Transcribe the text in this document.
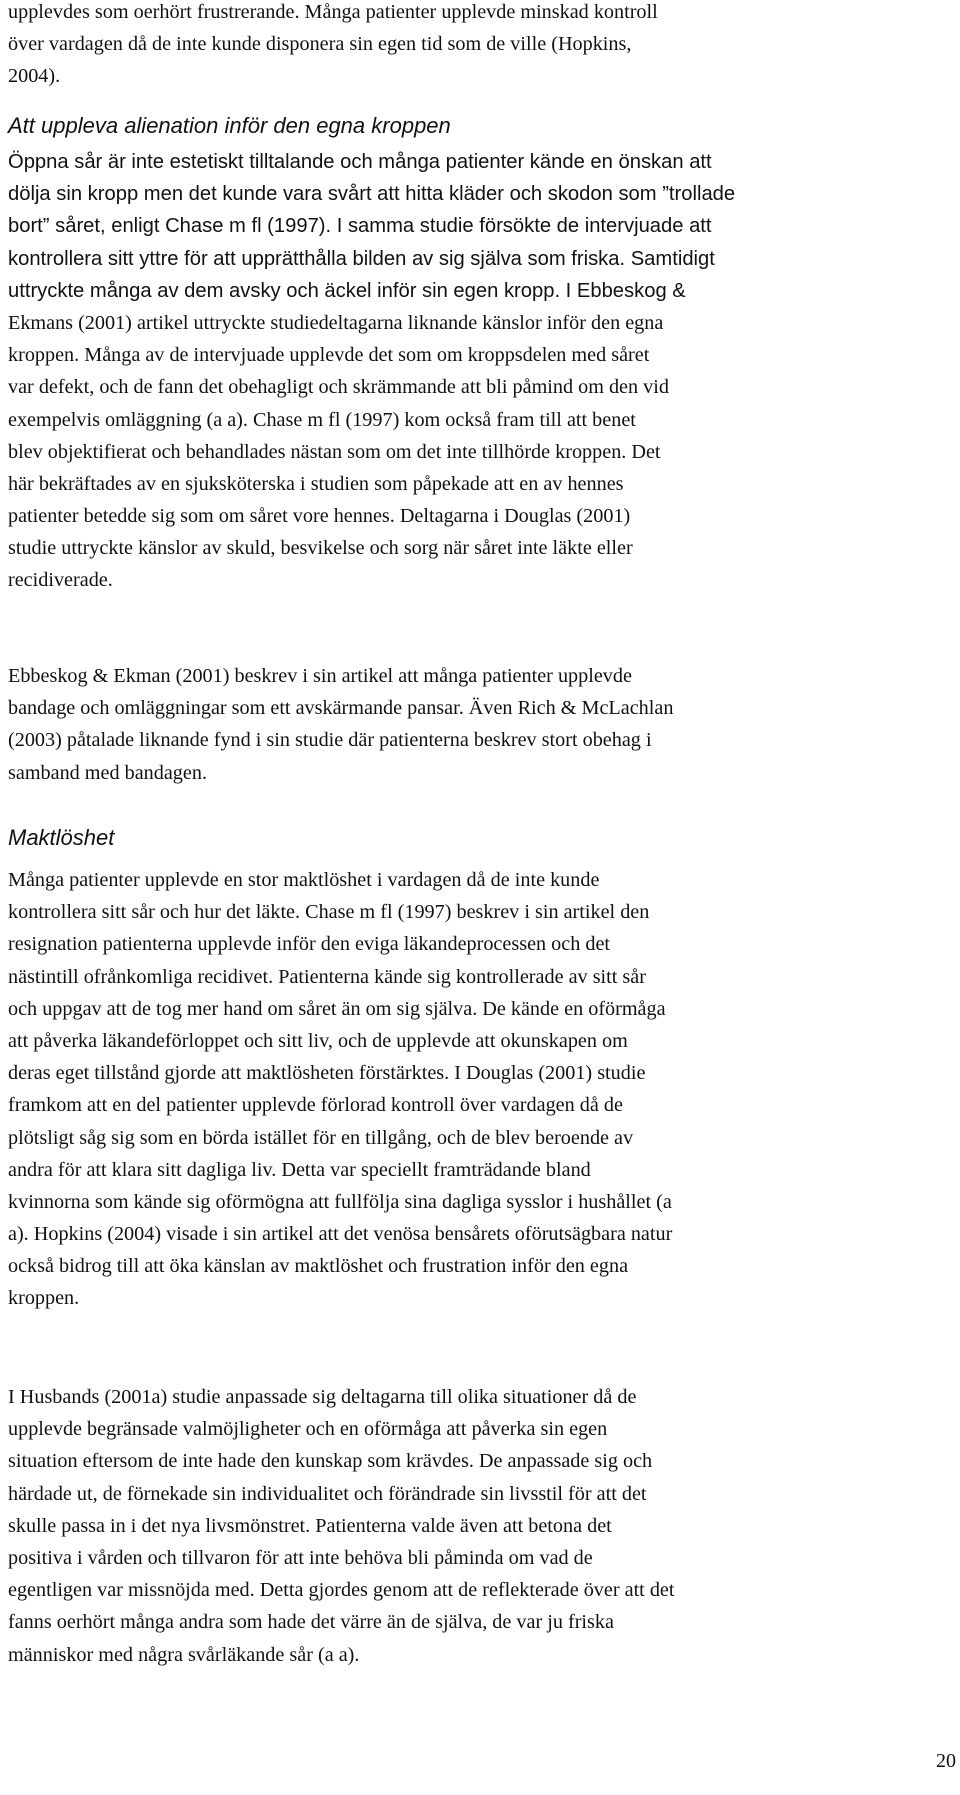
upplevdes som oerhört frustrerande. Många patienter upplevde minskad kontroll
över vardagen då de inte kunde disponera sin egen tid som de ville (Hopkins,
2004).
Att uppleva alienation inför den egna kroppen
Öppna sår är inte estetiskt tilltalande och många patienter kände en önskan att
dölja sin kropp men det kunde vara svårt att hitta kläder och skodon som ”trollade
bort” såret, enligt Chase m fl (1997). I samma studie försökte de intervjuade att
kontrollera sitt yttre för att upprätthålla bilden av sig själva som friska. Samtidigt
uttryckte många av dem avsky och äckel inför sin egen kropp. I Ebbeskog &
Ekmans (2001) artikel uttryckte studiedeltagarna liknande känslor inför den egna
kroppen. Många av de intervjuade upplevde det som om kroppsdelen med såret
var defekt, och de fann det obehagligt och skrämmande att bli påmind om den vid
exempelvis omläggning (a a). Chase m fl (1997) kom också fram till att benet
blev objektifierat och behandlades nästan som om det inte tillhörde kroppen. Det
här bekräftades av en sjuksköterska i studien som påpekade att en av hennes
patienter betedde sig som om såret vore hennes. Deltagarna i Douglas (2001)
studie uttryckte känslor av skuld, besvikelse och sorg när såret inte läkte eller
recidiverade.
Ebbeskog & Ekman (2001) beskrev i sin artikel att många patienter upplevde
bandage och omläggningar som ett avskärmande pansar. Även Rich & McLachlan
(2003) påtalade liknande fynd i sin studie där patienterna beskrev stort obehag i
samband med bandagen.
Maktlöshet
Många patienter upplevde en stor maktlöshet i vardagen då de inte kunde
kontrollera sitt sår och hur det läkte. Chase m fl (1997) beskrev i sin artikel den
resignation patienterna upplevde inför den eviga läkandeprocessen och det
nästintill ofrånkomliga recidivet. Patienterna kände sig kontrollerade av sitt sår
och uppgav att de tog mer hand om såret än om sig själva. De kände en oförmåga
att påverka läkandeförloppet och sitt liv, och de upplevde att okunskapen om
deras eget tillstånd gjorde att maktlösheten förstärktes. I Douglas (2001) studie
framkom att en del patienter upplevde förlorad kontroll över vardagen då de
plötsligt såg sig som en börda istället för en tillgång, och de blev beroende av
andra för att klara sitt dagliga liv. Detta var speciellt framträdande bland
kvinnorna som kände sig oförmögna att fullfölja sina dagliga sysslor i hushållet (a
a). Hopkins (2004) visade i sin artikel att det venösa bensårets oförutsägbara natur
också bidrog till att öka känslan av maktlöshet och frustration inför den egna
kroppen.
I Husbands (2001a) studie anpassade sig deltagarna till olika situationer då de
upplevde begränsade valmöjligheter och en oförmåga att påverka sin egen
situation eftersom de inte hade den kunskap som krävdes. De anpassade sig och
härdade ut, de förnekade sin individualitet och förändrade sin livsstil för att det
skulle passa in i det nya livsmönstret. Patienterna valde även att betona det
positiva i vården och tillvaron för att inte behöva bli påminda om vad de
egentligen var missnöjda med. Detta gjordes genom att de reflekterade över att det
fanns oerhört många andra som hade det värre än de själva, de var ju friska
människor med några svårläkande sår (a a).
20
